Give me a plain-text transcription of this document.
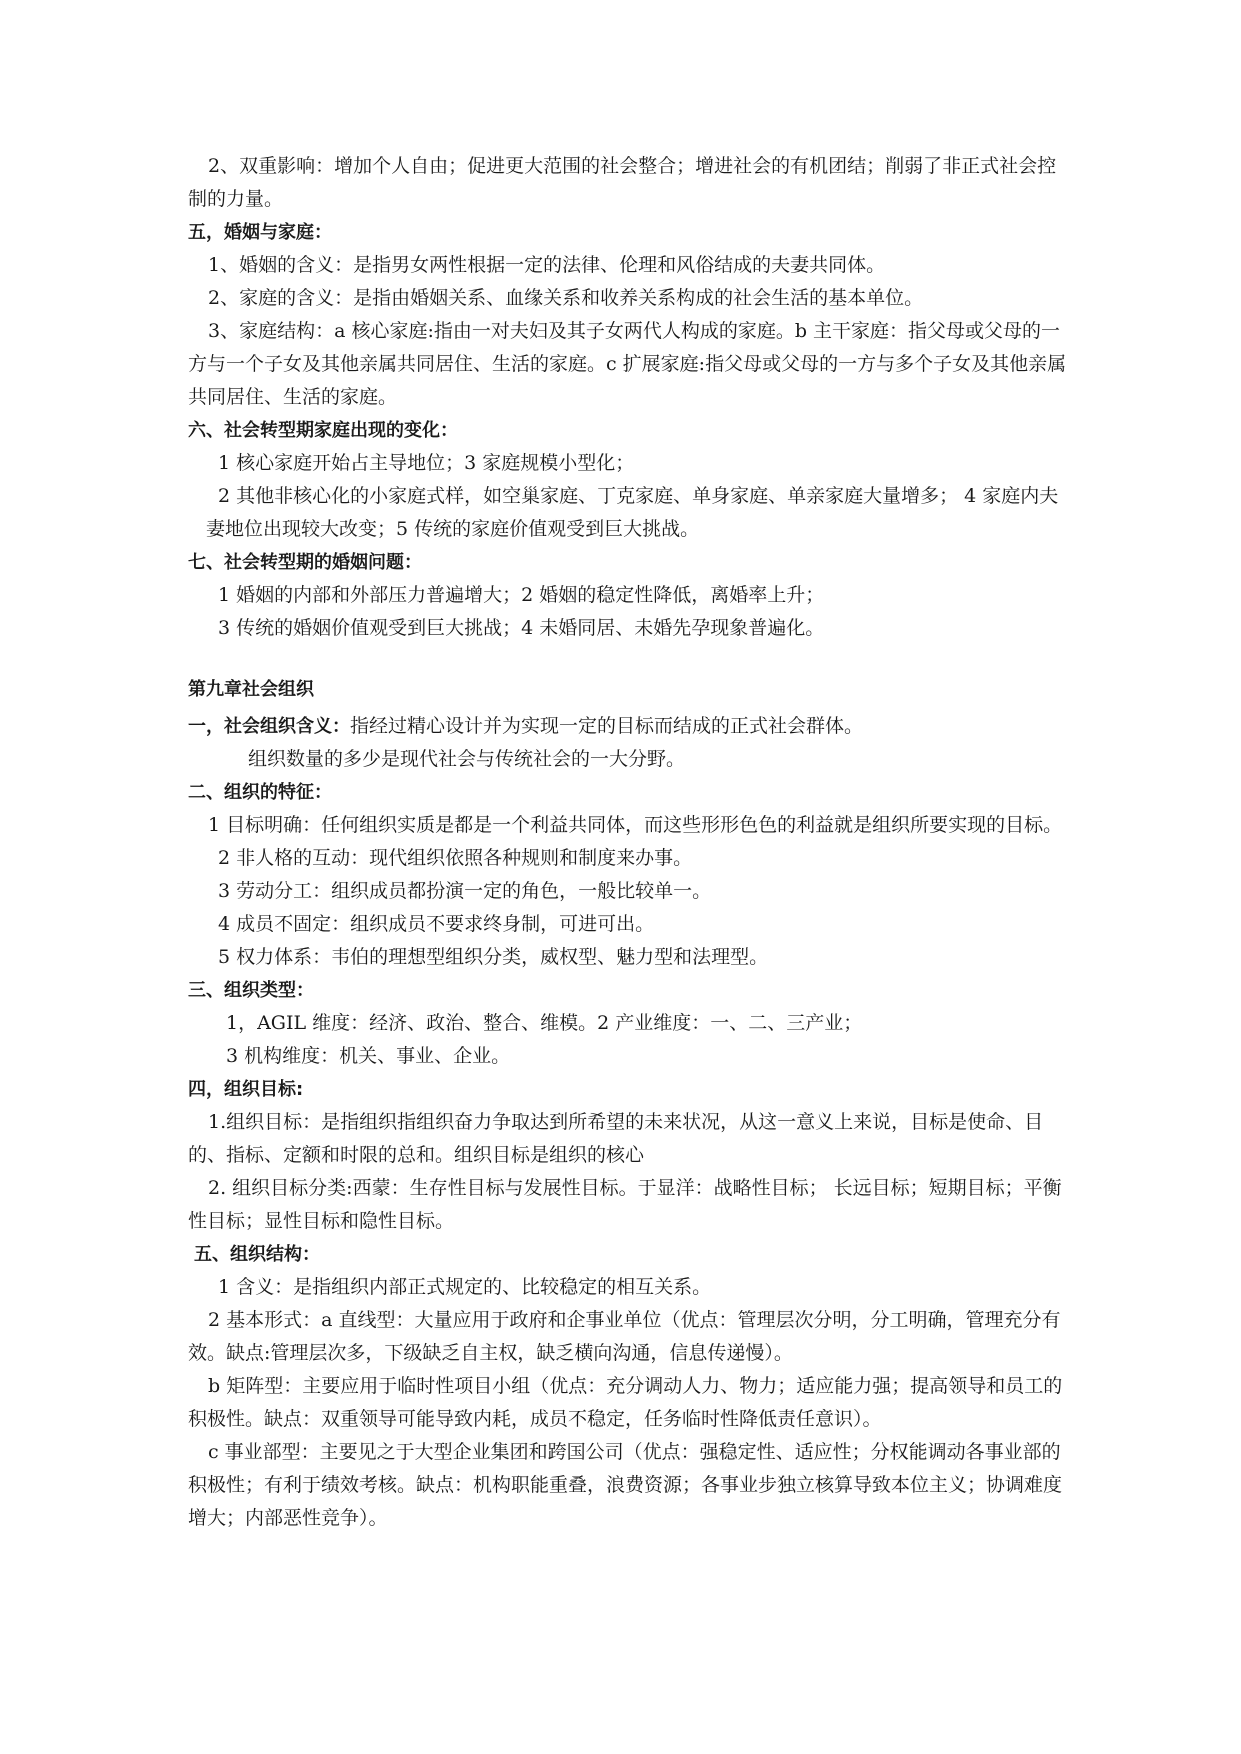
2、双重影响：增加个人自由；促进更大范围的社会整合；增进社会的有机团结；削弱了非正式社会控制的力量。

五，婚姻与家庭：

1、婚姻的含义：是指男女两性根据一定的法律、伦理和风俗结成的夫妻共同体。

2、家庭的含义：是指由婚姻关系、血缘关系和收养关系构成的社会生活的基本单位。

3、家庭结构：a 核心家庭:指由一对夫妇及其子女两代人构成的家庭。b 主干家庭：指父母或父母的一方与一个子女及其他亲属共同居住、生活的家庭。c 扩展家庭:指父母或父母的一方与多个子女及其他亲属共同居住、生活的家庭。

六、社会转型期家庭出现的变化：

1 核心家庭开始占主导地位；3 家庭规模小型化；

2 其他非核心化的小家庭式样，如空巢家庭、丁克家庭、单身家庭、单亲家庭大量增多； 4 家庭内夫妻地位出现较大改变；5 传统的家庭价值观受到巨大挑战。

七、社会转型期的婚姻问题：

1 婚姻的内部和外部压力普遍增大；2 婚姻的稳定性降低，离婚率上升；

3 传统的婚姻价值观受到巨大挑战；4 未婚同居、未婚先孕现象普遍化。

第九章社会组织

一，社会组织含义：指经过精心设计并为实现一定的目标而结成的正式社会群体。

组织数量的多少是现代社会与传统社会的一大分野。

二、组织的特征：

1 目标明确：任何组织实质是都是一个利益共同体，而这些形形色色的利益就是组织所要实现的目标。

2 非人格的互动：现代组织依照各种规则和制度来办事。

3 劳动分工：组织成员都扮演一定的角色，一般比较单一。

4 成员不固定：组织成员不要求终身制，可进可出。

5 权力体系：韦伯的理想型组织分类，威权型、魅力型和法理型。

三、组织类型：

1，AGIL 维度：经济、政治、整合、维模。2 产业维度：一、二、三产业；

3 机构维度：机关、事业、企业。

四，组织目标:

1.组织目标：是指组织指组织奋力争取达到所希望的未来状况，从这一意义上来说，目标是使命、目的、指标、定额和时限的总和。组织目标是组织的核心

2. 组织目标分类:西蒙：生存性目标与发展性目标。于显洋：战略性目标； 长远目标；短期目标；平衡性目标；显性目标和隐性目标。

五、组织结构：

1 含义：是指组织内部正式规定的、比较稳定的相互关系。

2 基本形式：a 直线型：大量应用于政府和企事业单位（优点：管理层次分明，分工明确，管理充分有效。缺点:管理层次多，下级缺乏自主权，缺乏横向沟通，信息传递慢）。

b 矩阵型：主要应用于临时性项目小组（优点：充分调动人力、物力；适应能力强；提高领导和员工的积极性。缺点：双重领导可能导致内耗，成员不稳定，任务临时性降低责任意识）。

c 事业部型：主要见之于大型企业集团和跨国公司（优点：强稳定性、适应性；分权能调动各事业部的积极性；有利于绩效考核。缺点：机构职能重叠，浪费资源；各事业步独立核算导致本位主义；协调难度增大；内部恶性竞争）。
